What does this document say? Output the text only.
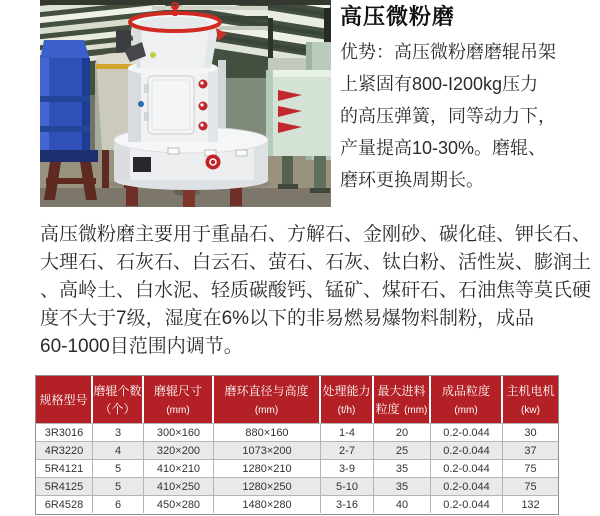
高压微粉磨
优势：高压微粉磨磨辊吊架
上紧固有800-I200kg压力
的高压弹簧，同等动力下，
产量提高10-30%。磨辊、
磨环更换周期长。
高压微粉磨主要用于重晶石、方解石、金刚砂、碳化硅、钾长石、
大理石、石灰石、白云石、萤石、石灰、钛白粉、活性炭、膨润土
、高岭土、白水泥、轻质碳酸钙、锰矿、煤矸石、石油焦等莫氏硬
度不大于7级，湿度在6%以下的非易燃易爆物料制粉，成品
60-1000目范围内调节。
规格型号	磨辊个数（个）	磨辊尺寸 (mm)	磨环直径与高度 (mm)	处理能力 (t/h)	最大进料粒度 (mm)	成品粒度 (mm)	主机电机 (kw)
3R3016	3	300×160	880×160	1-4	20	0.2-0.044	30
4R3220	4	320×200	1073×200	2-7	25	0.2-0.044	37
5R4121	5	410×210	1280×210	3-9	35	0.2-0.044	75
5R4125	5	410×250	1280×250	5-10	35	0.2-0.044	75
6R4528	6	450×280	1480×280	3-16	40	0.2-0.044	132
